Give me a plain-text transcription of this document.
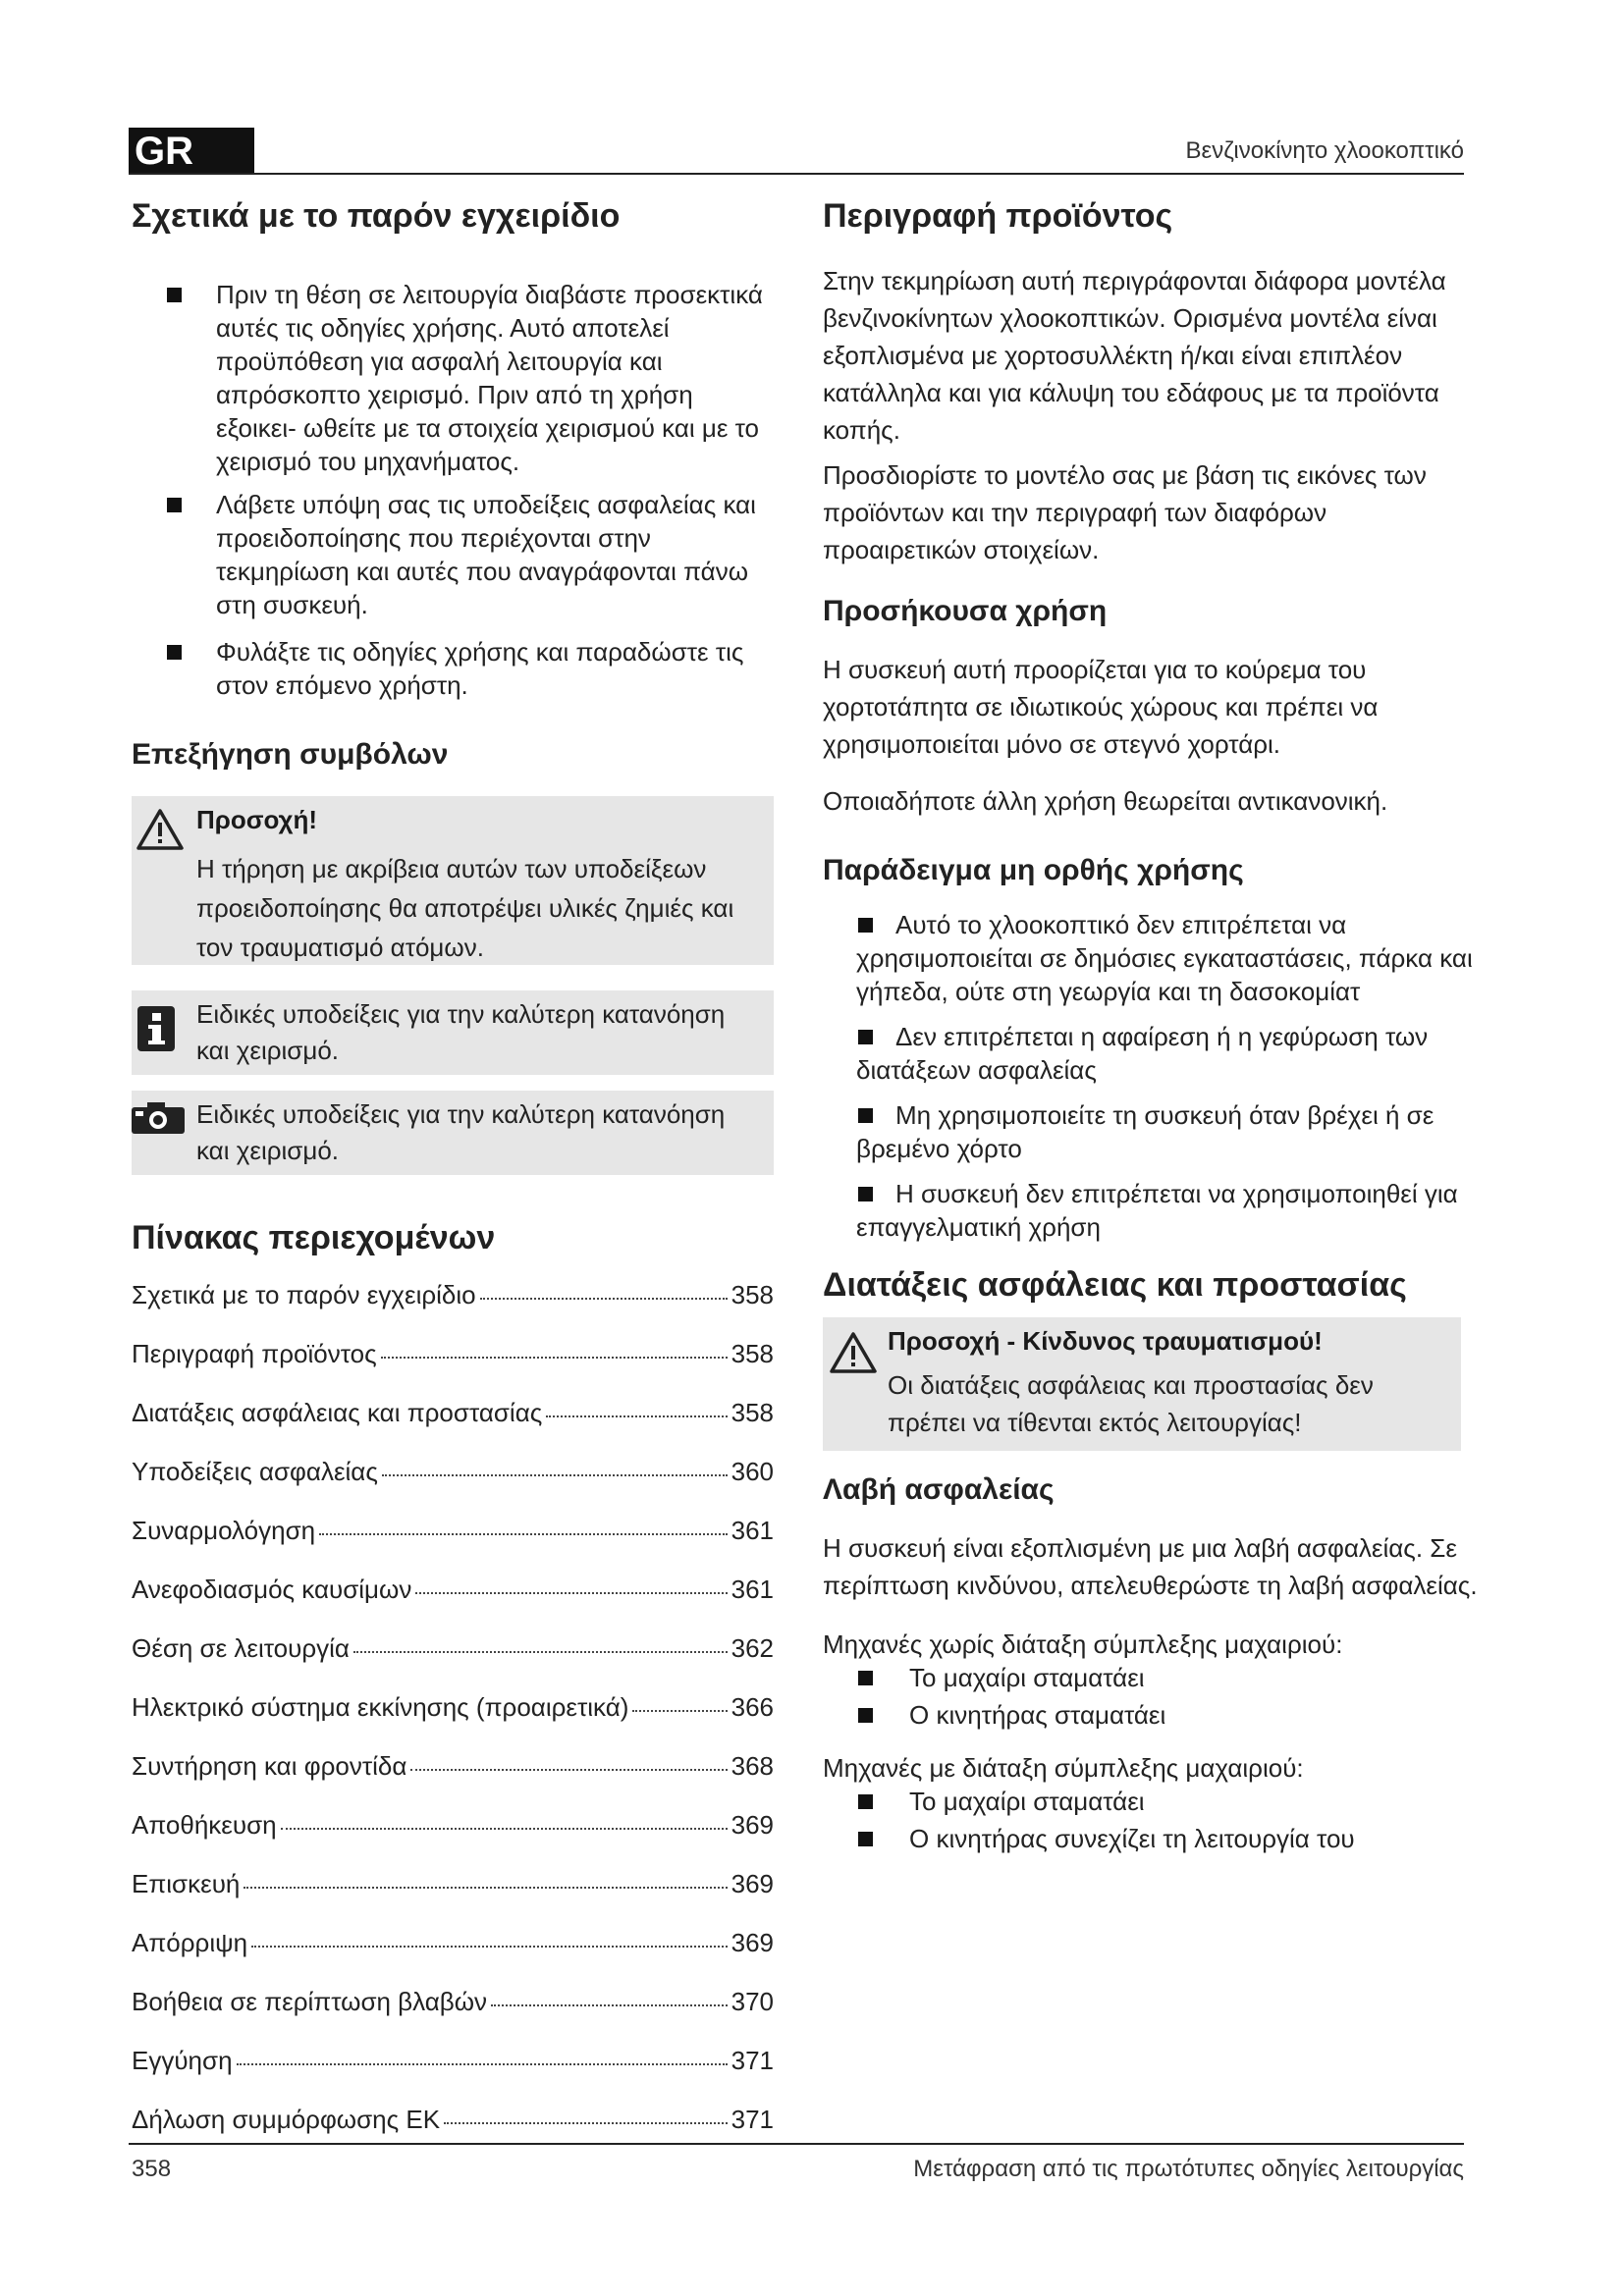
GR	Βενζινοκίνητο χλοοκοπτικό
Σχετικά με το παρόν εγχειρίδιο
Πριν τη θέση σε λειτουργία διαβάστε προσεκτικά αυτές τις οδηγίες χρήσης. Αυτό αποτελεί προϋπόθεση για ασφαλή λειτουργία και απρόσκοπτο χειρισμό. Πριν από τη χρήση εξοικει- ωθείτε με τα στοιχεία χειρισμού και με το χειρισμό του μηχανήματος.
Λάβετε υπόψη σας τις υποδείξεις ασφαλείας και προειδοποίησης που περιέχονται στην τεκμηρίωση και αυτές που αναγράφονται πάνω στη συσκευή.
Φυλάξτε τις οδηγίες χρήσης και παραδώστε τις στον επόμενο χρήστη.
Επεξήγηση συμβόλων
Προσοχή!

Η τήρηση με ακρίβεια αυτών των υποδείξεων προειδοποίησης θα αποτρέψει υλικές ζημιές και τον τραυματισμό ατόμων.

Ειδικές υποδείξεις για την καλύτερη κατανόηση και χειρισμό.

Ειδικές υποδείξεις για την καλύτερη κατανόηση και χειρισμό.

Πίνακας περιεχομένων
Σχετικά με το παρόν εγχειρίδιο	358
Περιγραφή προϊόντος	358
Διατάξεις ασφάλειας και προστασίας	358
Υποδείξεις ασφαλείας	360
Συναρμολόγηση	361
Ανεφοδιασμός καυσίμων	361
Θέση σε λειτουργία	362
Ηλεκτρικό σύστημα εκκίνησης (προαιρετικά)	366
Συντήρηση και φροντίδα	368
Αποθήκευση	369
Επισκευή	369
Απόρριψη	369
Βοήθεια σε περίπτωση βλαβών	370
Εγγύηση	371
Δήλωση συμμόρφωσης ΕΚ	371
Περιγραφή προϊόντος

Στην τεκμηρίωση αυτή περιγράφονται διάφορα μοντέλα βενζινοκίνητων χλοοκοπτικών. Ορισμένα μοντέλα είναι εξοπλισμένα με χορτοσυλλέκτη ή/και είναι επιπλέον κατάλληλα και για κάλυψη του εδάφους με τα προϊόντα κοπής.

Προσδιορίστε το μοντέλο σας με βάση τις εικόνες των προϊόντων και την περιγραφή των διαφόρων προαιρετικών στοιχείων.

Προσήκουσα χρήση

Η συσκευή αυτή προορίζεται για το κούρεμα του χορτοτάπητα σε ιδιωτικούς χώρους και πρέπει να χρησιμοποιείται μόνο σε στεγνό χορτάρι.

Οποιαδήποτε άλλη χρήση θεωρείται αντικανονική.

Παράδειγμα μη ορθής χρήσης
Αυτό το χλοοκοπτικό δεν επιτρέπεται να χρησιμοποιείται σε δημόσιες εγκαταστάσεις, πάρκα και γήπεδα, ούτε στη γεωργία και τη δασοκομίατ
Δεν επιτρέπεται η αφαίρεση ή η γεφύρωση των διατάξεων ασφαλείας
Μη χρησιμοποιείτε τη συσκευή όταν βρέχει ή σε βρεμένο χόρτο
Η συσκευή δεν επιτρέπεται να χρησιμοποιηθεί για επαγγελματική χρήση
Διατάξεις ασφάλειας και προστασίας
Προσοχή - Κίνδυνος τραυματισμού!

Οι διατάξεις ασφάλειας και προστασίας δεν πρέπει να τίθενται εκτός λειτουργίας!

Λαβή ασφαλείας

Η συσκευή είναι εξοπλισμένη με μια λαβή ασφαλείας. Σε περίπτωση κινδύνου, απελευθερώστε τη λαβή ασφαλείας.

Μηχανές χωρίς διάταξη σύμπλεξης μαχαιριού:

Το μαχαίρι σταματάει
Ο κινητήρας σταματάει

Μηχανές με διάταξη σύμπλεξης μαχαιριού:

Το μαχαίρι σταματάει
Ο κινητήρας συνεχίζει τη λειτουργία του
358	Μετάφραση από τις πρωτότυπες οδηγίες λειτουργίας
